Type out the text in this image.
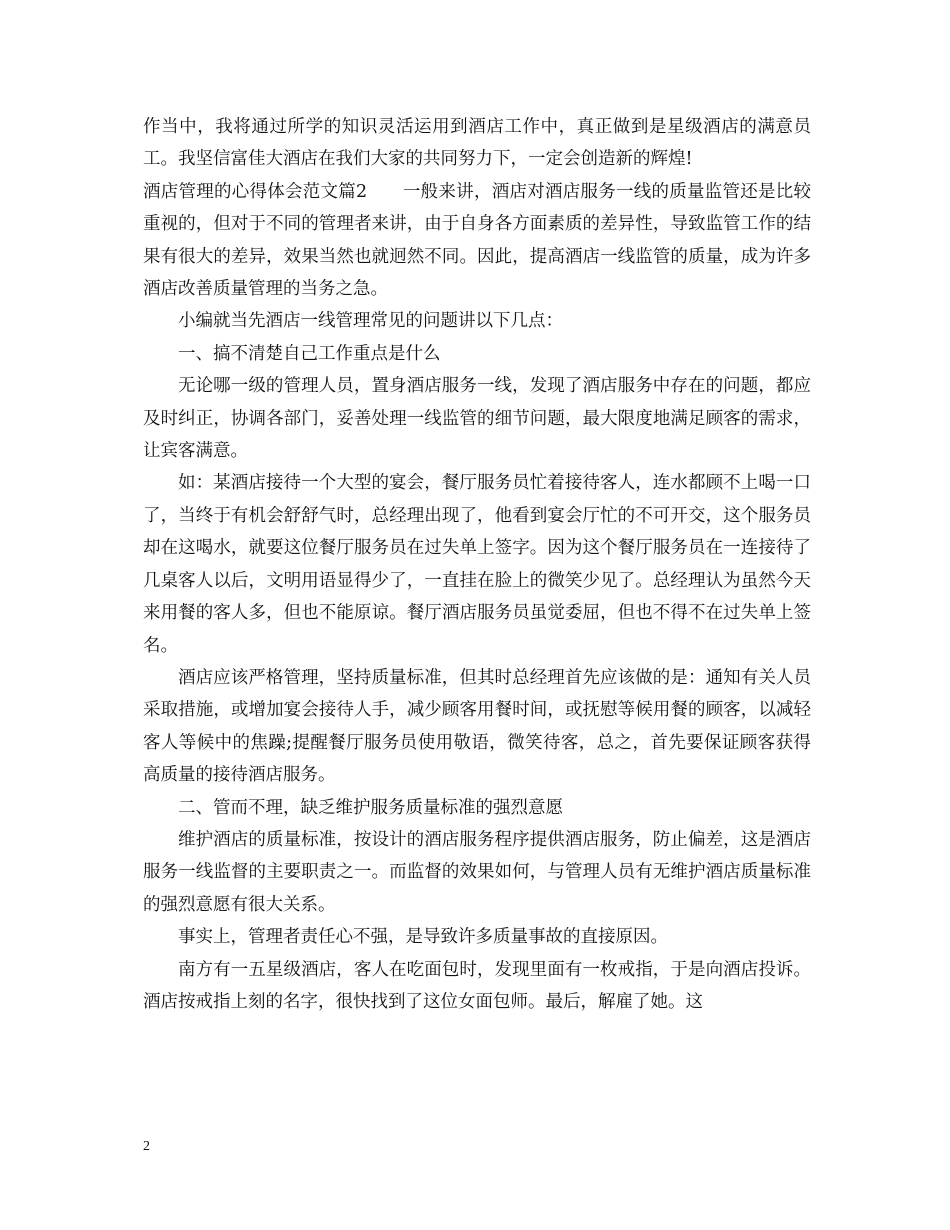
作当中，我将通过所学的知识灵活运用到酒店工作中，真正做到是星级酒店的满意员工。我坚信富佳大酒店在我们大家的共同努力下，一定会创造新的辉煌!

酒店管理的心得体会范文篇2　　一般来讲，酒店对酒店服务一线的质量监管还是比较重视的，但对于不同的管理者来讲，由于自身各方面素质的差异性，导致监管工作的结果有很大的差异，效果当然也就迥然不同。因此，提高酒店一线监管的质量，成为许多酒店改善质量管理的当务之急。

小编就当先酒店一线管理常见的问题讲以下几点：

一、搞不清楚自己工作重点是什么

无论哪一级的管理人员，置身酒店服务一线，发现了酒店服务中存在的问题，都应及时纠正，协调各部门，妥善处理一线监管的细节问题，最大限度地满足顾客的需求，让宾客满意。

如：某酒店接待一个大型的宴会，餐厅服务员忙着接待客人，连水都顾不上喝一口了，当终于有机会舒舒气时，总经理出现了，他看到宴会厅忙的不可开交，这个服务员却在这喝水，就要这位餐厅服务员在过失单上签字。因为这个餐厅服务员在一连接待了几桌客人以后，文明用语显得少了，一直挂在脸上的微笑少见了。总经理认为虽然今天来用餐的客人多，但也不能原谅。餐厅酒店服务员虽觉委屈，但也不得不在过失单上签名。

酒店应该严格管理，坚持质量标准，但其时总经理首先应该做的是：通知有关人员采取措施，或增加宴会接待人手，减少顾客用餐时间，或抚慰等候用餐的顾客，以减轻客人等候中的焦躁;提醒餐厅服务员使用敬语，微笑待客，总之，首先要保证顾客获得高质量的接待酒店服务。

二、管而不理，缺乏维护服务质量标准的强烈意愿

维护酒店的质量标准，按设计的酒店服务程序提供酒店服务，防止偏差，这是酒店服务一线监督的主要职责之一。而监督的效果如何，与管理人员有无维护酒店质量标准的强烈意愿有很大关系。

事实上，管理者责任心不强，是导致许多质量事故的直接原因。

南方有一五星级酒店，客人在吃面包时，发现里面有一枚戒指，于是向酒店投诉。酒店按戒指上刻的名字，很快找到了这位女面包师。最后，解雇了她。这

2
